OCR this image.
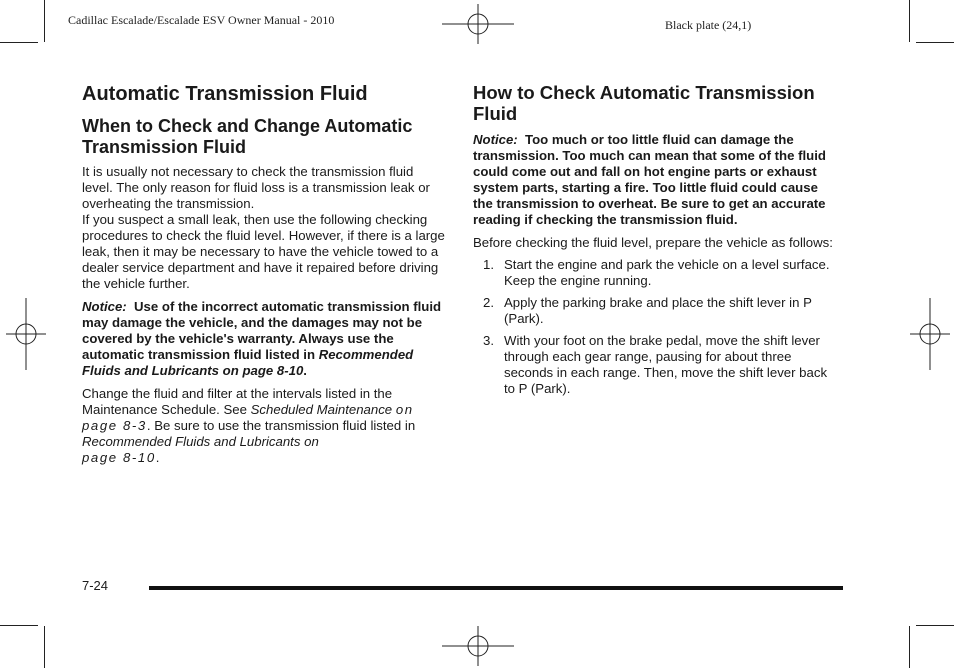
Cadillac Escalade/Escalade ESV Owner Manual - 2010	Black plate (24,1)
Automatic Transmission Fluid
When to Check and Change Automatic Transmission Fluid

It is usually not necessary to check the transmission fluid level. The only reason for fluid loss is a transmission leak or overheating the transmission.

If you suspect a small leak, then use the following checking procedures to check the fluid level. However, if there is a large leak, then it may be necessary to have the vehicle towed to a dealer service department and have it repaired before driving the vehicle further.

Notice: Use of the incorrect automatic transmission fluid may damage the vehicle, and the damages may not be covered by the vehicle's warranty. Always use the automatic transmission fluid listed in Recommended Fluids and Lubricants on page 8-10.

Change the fluid and filter at the intervals listed in the Maintenance Schedule. See Scheduled Maintenance on page 8-3. Be sure to use the transmission fluid listed in Recommended Fluids and Lubricants on
page 8-10.

How to Check Automatic Transmission Fluid

Notice: Too much or too little fluid can damage the transmission. Too much can mean that some of the fluid could come out and fall on hot engine parts or exhaust system parts, starting a fire. Too little fluid could cause the transmission to overheat. Be sure to get an accurate reading if checking the transmission fluid.

Before checking the fluid level, prepare the vehicle as follows:

1. Start the engine and park the vehicle on a level surface. Keep the engine running.
2. Apply the parking brake and place the shift lever in P (Park).
3. With your foot on the brake pedal, move the shift lever through each gear range, pausing for about three seconds in each range. Then, move the shift lever back to P (Park).
7-24
